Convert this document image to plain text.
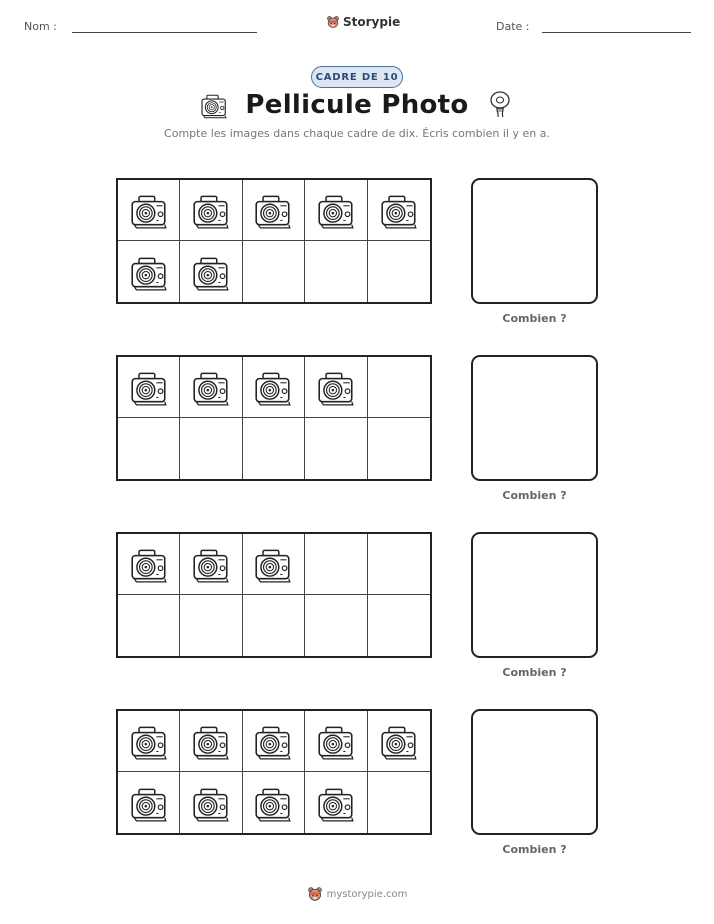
Nom :	Storypie	Date :
CADRE DE 10
Pellicule Photo
Compte les images dans chaque cadre de dix. Écris combien il y en a.
Combien ?
Combien ?
Combien ?
Combien ?
mystorypie.com
